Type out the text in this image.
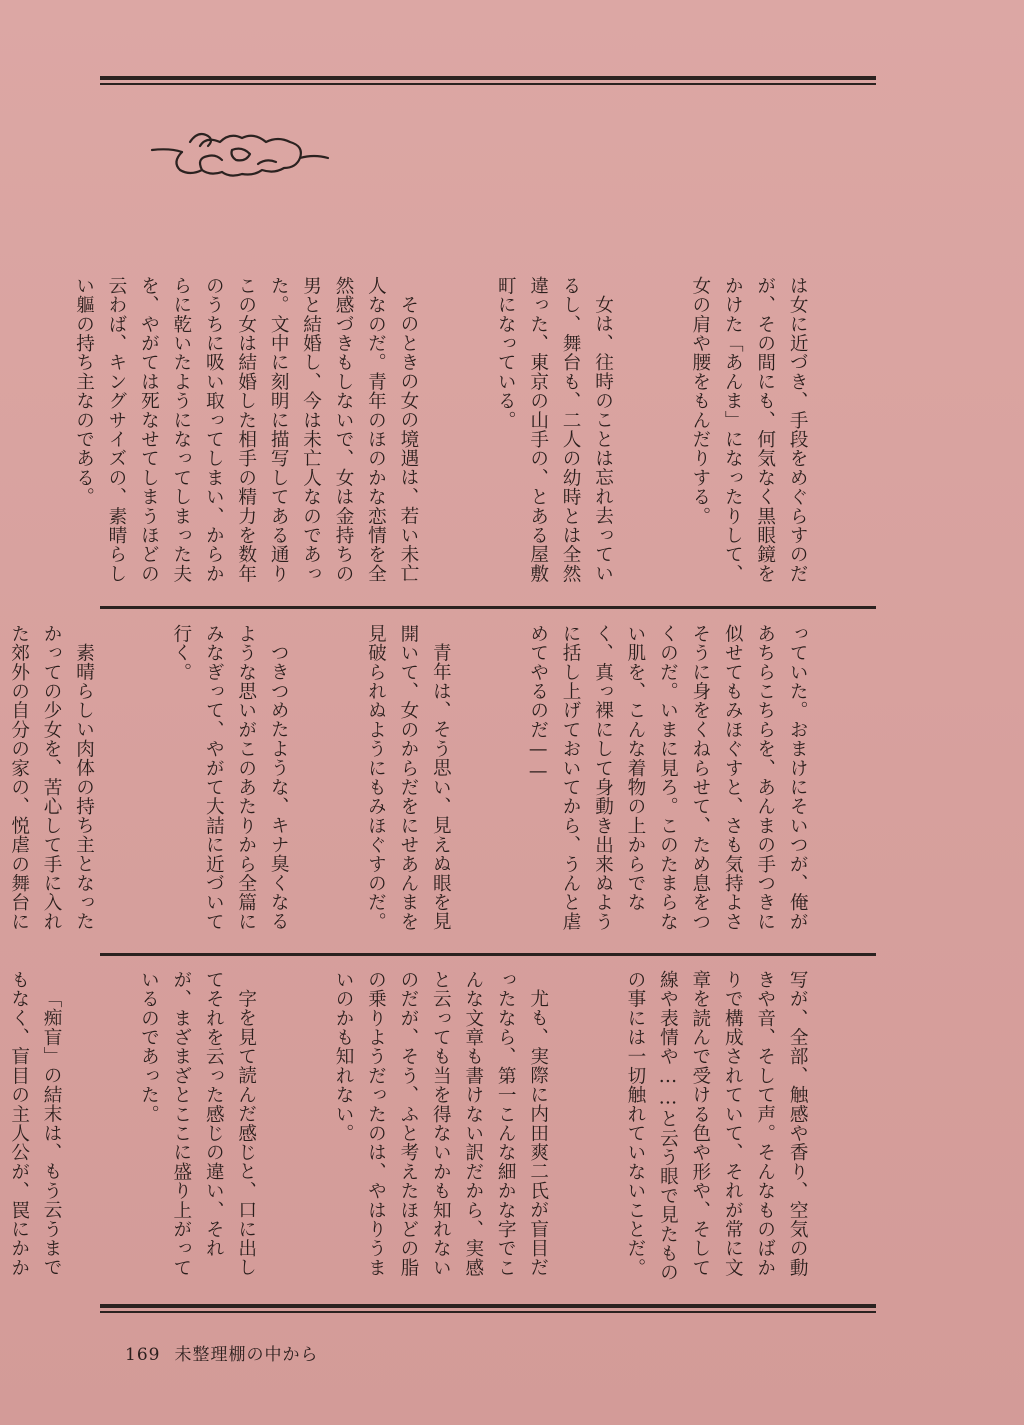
は女に近づき、手段をめぐらすのだが、その間にも、何気なく黒眼鏡をかけた「あんま」になったりして、女の肩や腰をもんだりする。

女は、往時のことは忘れ去っているし、舞台も、二人の幼時とは全然違った、東京の山手の、とある屋敷町になっている。

そのときの女の境遇は、若い未亡人なのだ。青年のほのかな恋情を全然感づきもしないで、女は金持ちの男と結婚し、今は未亡人なのであった。文中に刻明に描写してある通りこの女は結婚した相手の精力を数年のうちに吸い取ってしまい、からからに乾いたようになってしまった夫を、やがては死なせてしまうほどの云わば、キングサイズの、素晴らしい軀の持ち主なのである。

っていた。おまけにそいつが、俺があちらこちらを、あんまの手つきに似せてもみほぐすと、さも気持よさそうに身をくねらせて、ため息をつくのだ。いまに見ろ。このたまらない肌を、こんな着物の上からでなく、真っ裸にして身動き出来ぬように括し上げておいてから、うんと虐めてやるのだ——

青年は、そう思い、見えぬ眼を見開いて、女のからだをにせあんまを見破られぬようにもみほぐすのだ。

つきつめたような、キナ臭くなるような思いがこのあたりから全篇にみなぎって、やがて大詰に近づいて行く。

素晴らしい肉体の持ち主となったかっての少女を、苦心して手に入れた郊外の自分の家の、悦虐の舞台に

写が、全部、触感や香り、空気の動きや音、そして声。そんなものばかりで構成されていて、それが常に文章を読んで受ける色や形や、そして線や表情や……と云う眼で見たものの事には一切触れていないことだ。

尤も、実際に内田爽二氏が盲目だったなら、第一こんな細かな字でこんな文章も書けない訳だから、実感と云っても当を得ないかも知れないのだが、そう、ふと考えたほどの脂の乗りようだったのは、やはりうまいのかも知れない。

字を見て読んだ感じと、口に出してそれを云った感じの違い、それが、まざまざとここに盛り上がっているのであった。

「痴盲」の結末は、もう云うまでもなく、盲目の主人公が、罠にかか

169 未整理棚の中から
